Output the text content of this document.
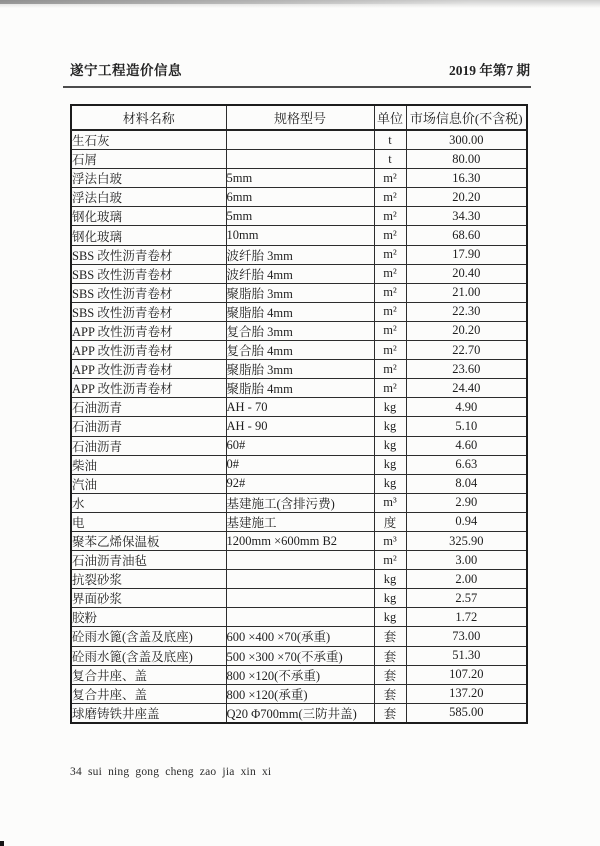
遂宁工程造价信息	2019 年第7 期
材料名称	规格型号	单位	市场信息价(不含税)
生石灰		t	300.00
石屑		t	80.00
浮法白玻	5mm	m²	16.30
浮法白玻	6mm	m²	20.20
钢化玻璃	5mm	m²	34.30
钢化玻璃	10mm	m²	68.60
SBS 改性沥青卷材	波纤胎 3mm	m²	17.90
SBS 改性沥青卷材	波纤胎 4mm	m²	20.40
SBS 改性沥青卷材	聚脂胎 3mm	m²	21.00
SBS 改性沥青卷材	聚脂胎 4mm	m²	22.30
APP 改性沥青卷材	复合胎 3mm	m²	20.20
APP 改性沥青卷材	复合胎 4mm	m²	22.70
APP 改性沥青卷材	聚脂胎 3mm	m²	23.60
APP 改性沥青卷材	聚脂胎 4mm	m²	24.40
石油沥青	AH - 70	kg	4.90
石油沥青	AH - 90	kg	5.10
石油沥青	60#	kg	4.60
柴油	0#	kg	6.63
汽油	92#	kg	8.04
水	基建施工(含排污费)	m³	2.90
电	基建施工	度	0.94
聚苯乙烯保温板	1200mm ×600mm B2	m³	325.90
石油沥青油毡		m²	3.00
抗裂砂浆		kg	2.00
界面砂浆		kg	2.57
胶粉		kg	1.72
砼雨水篦(含盖及底座)	600 ×400 ×70(承重)	套	73.00
砼雨水篦(含盖及底座)	500 ×300 ×70(不承重)	套	51.30
复合井座、盖	800 ×120(不承重)	套	107.20
复合井座、盖	800 ×120(承重)	套	137.20
球磨铸铁井座盖	Q20 Φ700mm(三防井盖)	套	585.00
34 sui ning gong cheng zao jia xin xi
